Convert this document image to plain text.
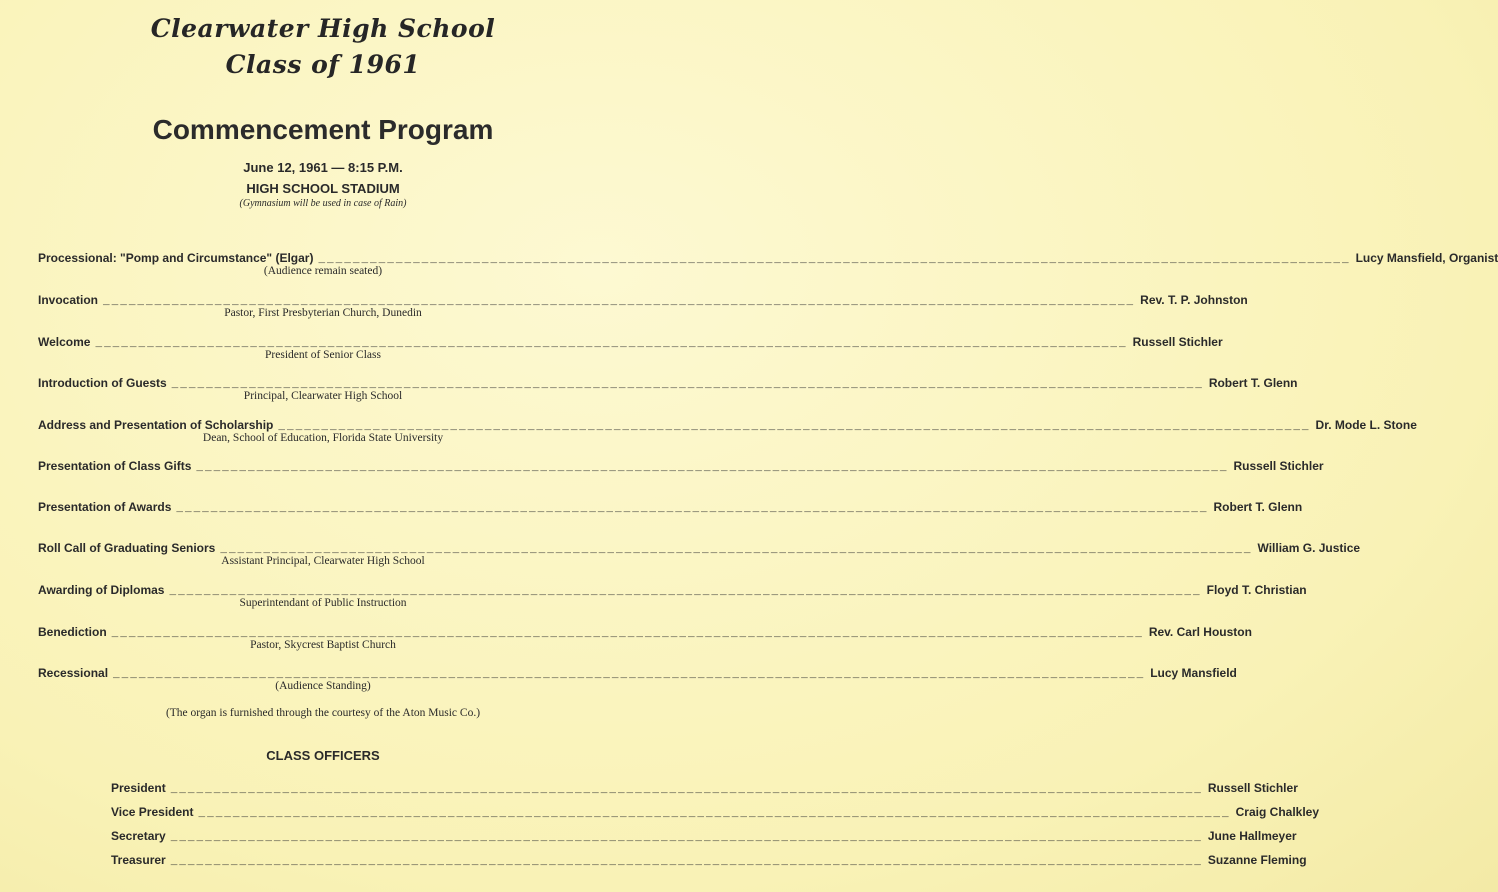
Clearwater High School
Class of 1961
Commencement Program
June 12, 1961 — 8:15 P.M.
HIGH SCHOOL STADIUM
(Gymnasium will be used in case of Rain)
Processional: "Pomp and Circumstance" (Elgar) ________________________________________________________________________________________________________________________ Lucy Mansfield, Organist
(Audience remain seated)
Invocation ________________________________________________________________________________________________________________________ Rev. T. P. Johnston
Pastor, First Presbyterian Church, Dunedin
Welcome ________________________________________________________________________________________________________________________ Russell Stichler
President of Senior Class
Introduction of Guests ________________________________________________________________________________________________________________________ Robert T. Glenn
Principal, Clearwater High School
Address and Presentation of Scholarship ________________________________________________________________________________________________________________________ Dr. Mode L. Stone
Dean, School of Education, Florida State University
Presentation of Class Gifts ________________________________________________________________________________________________________________________ Russell Stichler
Presentation of Awards ________________________________________________________________________________________________________________________ Robert T. Glenn
Roll Call of Graduating Seniors ________________________________________________________________________________________________________________________ William G. Justice
Assistant Principal, Clearwater High School
Awarding of Diplomas ________________________________________________________________________________________________________________________ Floyd T. Christian
Superintendant of Public Instruction
Benediction ________________________________________________________________________________________________________________________ Rev. Carl Houston
Pastor, Skycrest Baptist Church
Recessional ________________________________________________________________________________________________________________________ Lucy Mansfield
(Audience Standing)
(The organ is furnished through the courtesy of the Aton Music Co.)
CLASS OFFICERS
President ________________________________________________________________________________________________________________________ Russell Stichler
Vice President ________________________________________________________________________________________________________________________ Craig Chalkley
Secretary ________________________________________________________________________________________________________________________ June Hallmeyer
Treasurer ________________________________________________________________________________________________________________________ Suzanne Fleming
